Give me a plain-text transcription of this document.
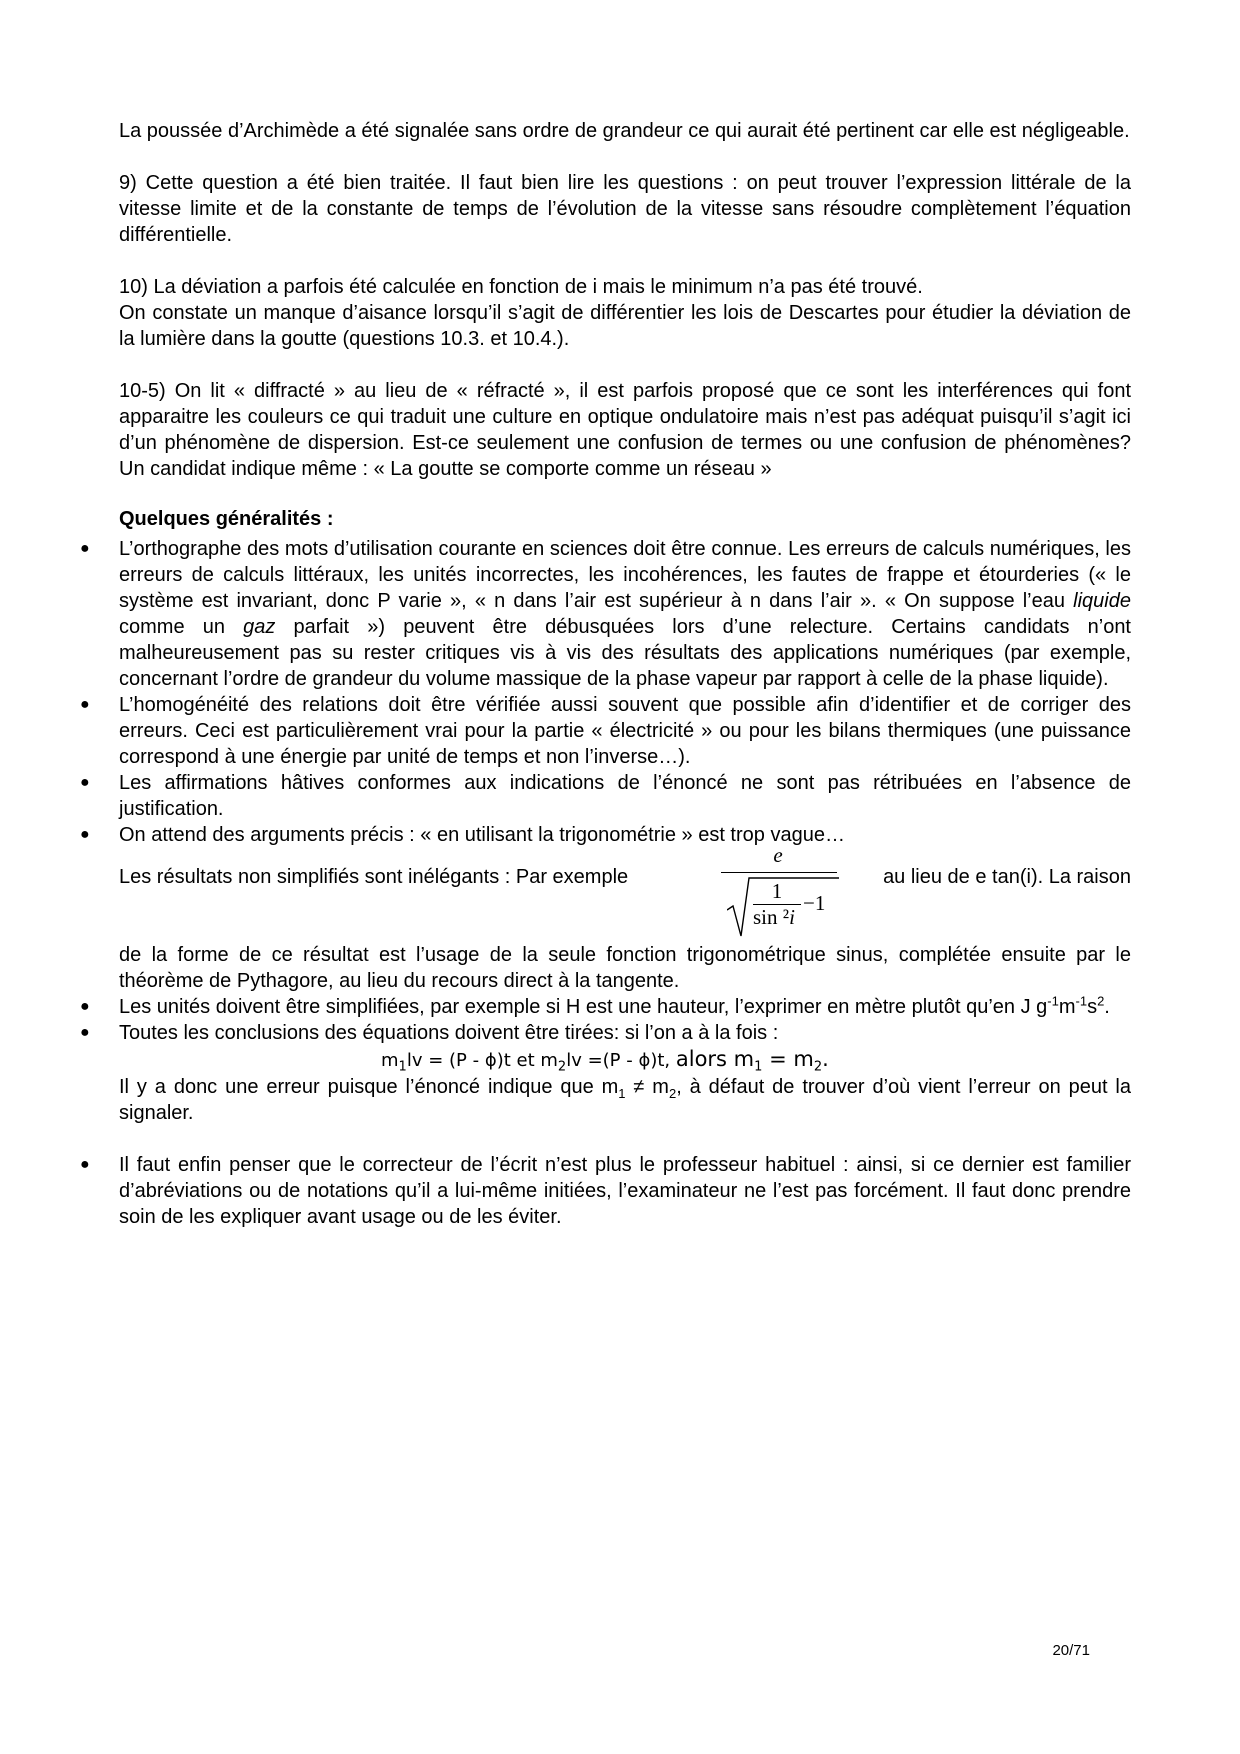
La poussée d’Archimède a été signalée sans ordre de grandeur ce qui aurait été pertinent car elle est négligeable.

9) Cette question a été bien traitée. Il faut bien lire les questions : on peut trouver l’expression littérale de la vitesse limite et de la constante de temps de l’évolution de la vitesse sans résoudre complètement l’équation différentielle.

10) La déviation a parfois été calculée en fonction de i mais le minimum n’a pas été trouvé.

On constate un manque d’aisance lorsqu’il s’agit de différentier les lois de Descartes pour étudier la déviation de la lumière dans la goutte (questions 10.3. et 10.4.).

10-5) On lit « diffracté » au lieu de « réfracté », il est parfois proposé que ce sont les interférences qui font apparaitre les couleurs ce qui traduit une culture en optique ondulatoire mais n’est pas adéquat puisqu’il s’agit ici d’un phénomène de dispersion. Est-ce seulement une confusion de termes ou une confusion de phénomènes? Un candidat indique même : « La goutte se comporte comme un réseau »

Quelques généralités :

● L’orthographe des mots d’utilisation courante en sciences doit être connue. Les erreurs de calculs numériques, les erreurs de calculs littéraux, les unités incorrectes, les incohérences, les fautes de frappe et étourderies (« le système est invariant, donc P varie », « n dans l’air est supérieur à n dans l’air ». « On suppose l’eau liquide comme un gaz parfait ») peuvent être débusquées lors d’une relecture. Certains candidats n’ont malheureusement pas su rester critiques vis à vis des résultats des applications numériques (par exemple, concernant l’ordre de grandeur du volume massique de la phase vapeur par rapport à celle de la phase liquide).
● L’homogénéité des relations doit être vérifiée aussi souvent que possible afin d’identifier et de corriger des erreurs. Ceci est particulièrement vrai pour la partie « électricité » ou pour les bilans thermiques (une puissance correspond à une énergie par unité de temps et non l’inverse…).
● Les affirmations hâtives conformes aux indications de l’énoncé ne sont pas rétribuées en l’absence de justification.
● On attend des arguments précis : « en utilisant la trigonométrie » est trop vague…
Les résultats non simplifiés sont inélégants : Par exemple
e
1
sin ²i
−1
au lieu de e tan(i). La raison

de la forme de ce résultat est l’usage de la seule fonction trigonométrique sinus, complétée ensuite par le théorème de Pythagore, au lieu du recours direct à la tangente.

● Les unités doivent être simplifiées, par exemple si H est une hauteur, l’exprimer en mètre plutôt qu’en J $g^{-1}m^{-1}s^2$.
● Toutes les conclusions des équations doivent être tirées: si l’on a à la fois :

$m_1lv = (P - \phi)t$ et $m_2lv =(P - \phi)t$, alors $m_1 = m_2$.

Il y a donc une erreur puisque l’énoncé indique que $m_1 \ne m_2$, à défaut de trouver d’où vient l’erreur on peut la signaler.

● Il faut enfin penser que le correcteur de l’écrit n’est plus le professeur habituel : ainsi, si ce dernier est familier d’abréviations ou de notations qu’il a lui-même initiées, l’examinateur ne l’est pas forcément. Il faut donc prendre soin de les expliquer avant usage ou de les éviter.
20/71
